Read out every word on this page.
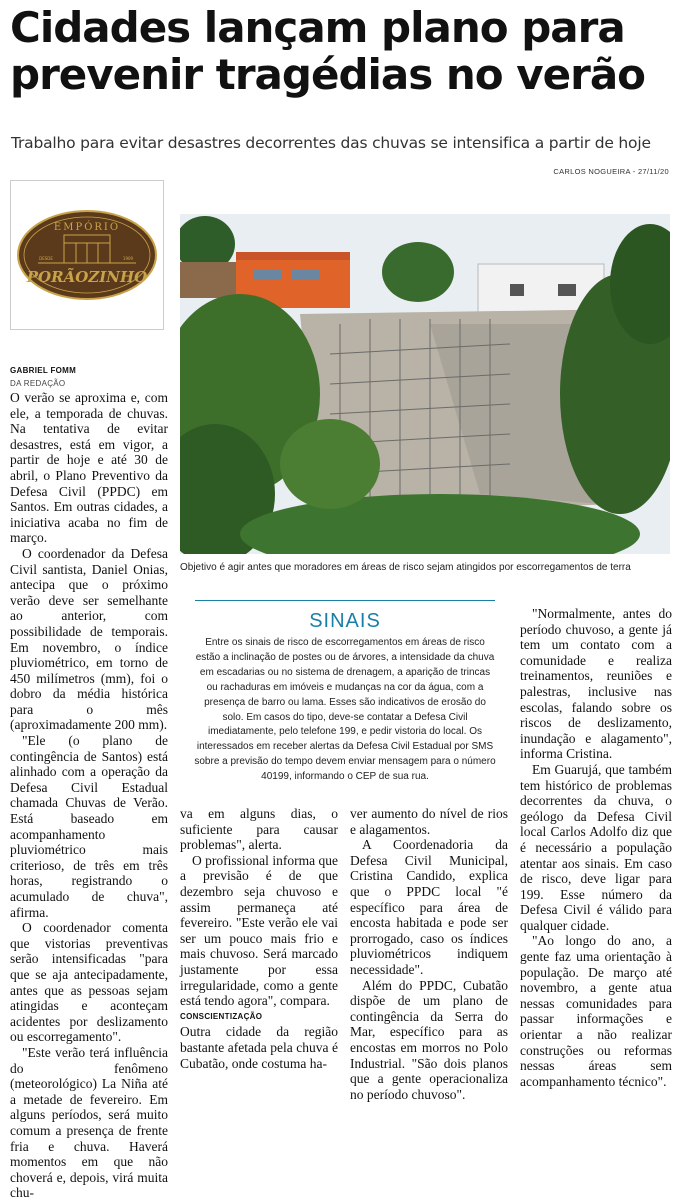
Cidades lançam plano para prevenir tragédias no verão
Trabalho para evitar desastres decorrentes das chuvas se intensifica a partir de hoje
CARLOS NOGUEIRA - 27/11/20
EMPÓRIO
DESDE	1909
PORÃOZINHO
Objetivo é agir antes que moradores em áreas de risco sejam atingidos por escorregamentos de terra
GABRIEL FOMM
DA REDAÇÃO

O verão se aproxima e, com ele, a temporada de chuvas. Na tentativa de evitar desastres, está em vigor, a partir de hoje e até 30 de abril, o Plano Preventivo da Defesa Civil (PPDC) em Santos. Em outras cidades, a iniciativa acaba no fim de março.

O coordenador da Defesa Civil santista, Daniel Onias, antecipa que o próximo verão deve ser semelhante ao anterior, com possibilidade de temporais. Em novembro, o índice pluviométrico, em torno de 450 milímetros (mm), foi o dobro da média histórica para o mês (aproximadamente 200 mm).

"Ele (o plano de contingência de Santos) está alinhado com a operação da Defesa Civil Estadual chamada Chuvas de Verão. Está baseado em acompanhamento pluviométrico mais criterioso, de três em três horas, registrando o acumulado de chuva", afirma.

O coordenador comenta que vistorias preventivas serão intensificadas "para que se aja antecipadamente, antes que as pessoas sejam atingidas e aconteçam acidentes por deslizamento ou escorregamento".

"Este verão terá influência do fenômeno (meteorológico) La Niña até a metade de fevereiro. Em alguns períodos, será muito comum a presença de frente fria e chuva. Haverá momentos em que não choverá e, depois, virá muita chu-

SINAIS
Entre os sinais de risco de escorregamentos em áreas de risco estão a inclinação de postes ou de árvores, a intensidade da chuva em escadarias ou no sistema de drenagem, a aparição de trincas ou rachaduras em imóveis e mudanças na cor da água, com a presença de barro ou lama. Esses são indicativos de erosão do solo. Em casos do tipo, deve-se contatar a Defesa Civil imediatamente, pelo telefone 199, e pedir vistoria do local. Os interessados em receber alertas da Defesa Civil Estadual por SMS sobre a previsão do tempo devem enviar mensagem para o número 40199, informando o CEP de sua rua.

va em alguns dias, o suficiente para causar problemas", alerta.

O profissional informa que a previsão é de que dezembro seja chuvoso e assim permaneça até fevereiro. "Este verão ele vai ser um pouco mais frio e mais chuvoso. Será marcado justamente por essa irregularidade, como a gente está tendo agora", compara.

CONSCIENTIZAÇÃO

Outra cidade da região bastante afetada pela chuva é Cubatão, onde costuma ha-

ver aumento do nível de rios e alagamentos.

A Coordenadoria da Defesa Civil Municipal, Cristina Candido, explica que o PPDC local "é específico para área de encosta habitada e pode ser prorrogado, caso os índices pluviométricos indiquem necessidade".

Além do PPDC, Cubatão dispõe de um plano de contingência da Serra do Mar, específico para as encostas em morros no Polo Industrial. "São dois planos que a gente operacionaliza no período chuvoso".

"Normalmente, antes do período chuvoso, a gente já tem um contato com a comunidade e realiza treinamentos, reuniões e palestras, inclusive nas escolas, falando sobre os riscos de deslizamento, inundação e alagamento", informa Cristina.

Em Guarujá, que também tem histórico de problemas decorrentes da chuva, o geólogo da Defesa Civil local Carlos Adolfo diz que é necessário a população atentar aos sinais. Em caso de risco, deve ligar para 199. Esse número da Defesa Civil é válido para qualquer cidade.

"Ao longo do ano, a gente faz uma orientação à população. De março até novembro, a gente atua nessas comunidades para passar informações e orientar a não realizar construções ou reformas nessas áreas sem acompanhamento técnico".
